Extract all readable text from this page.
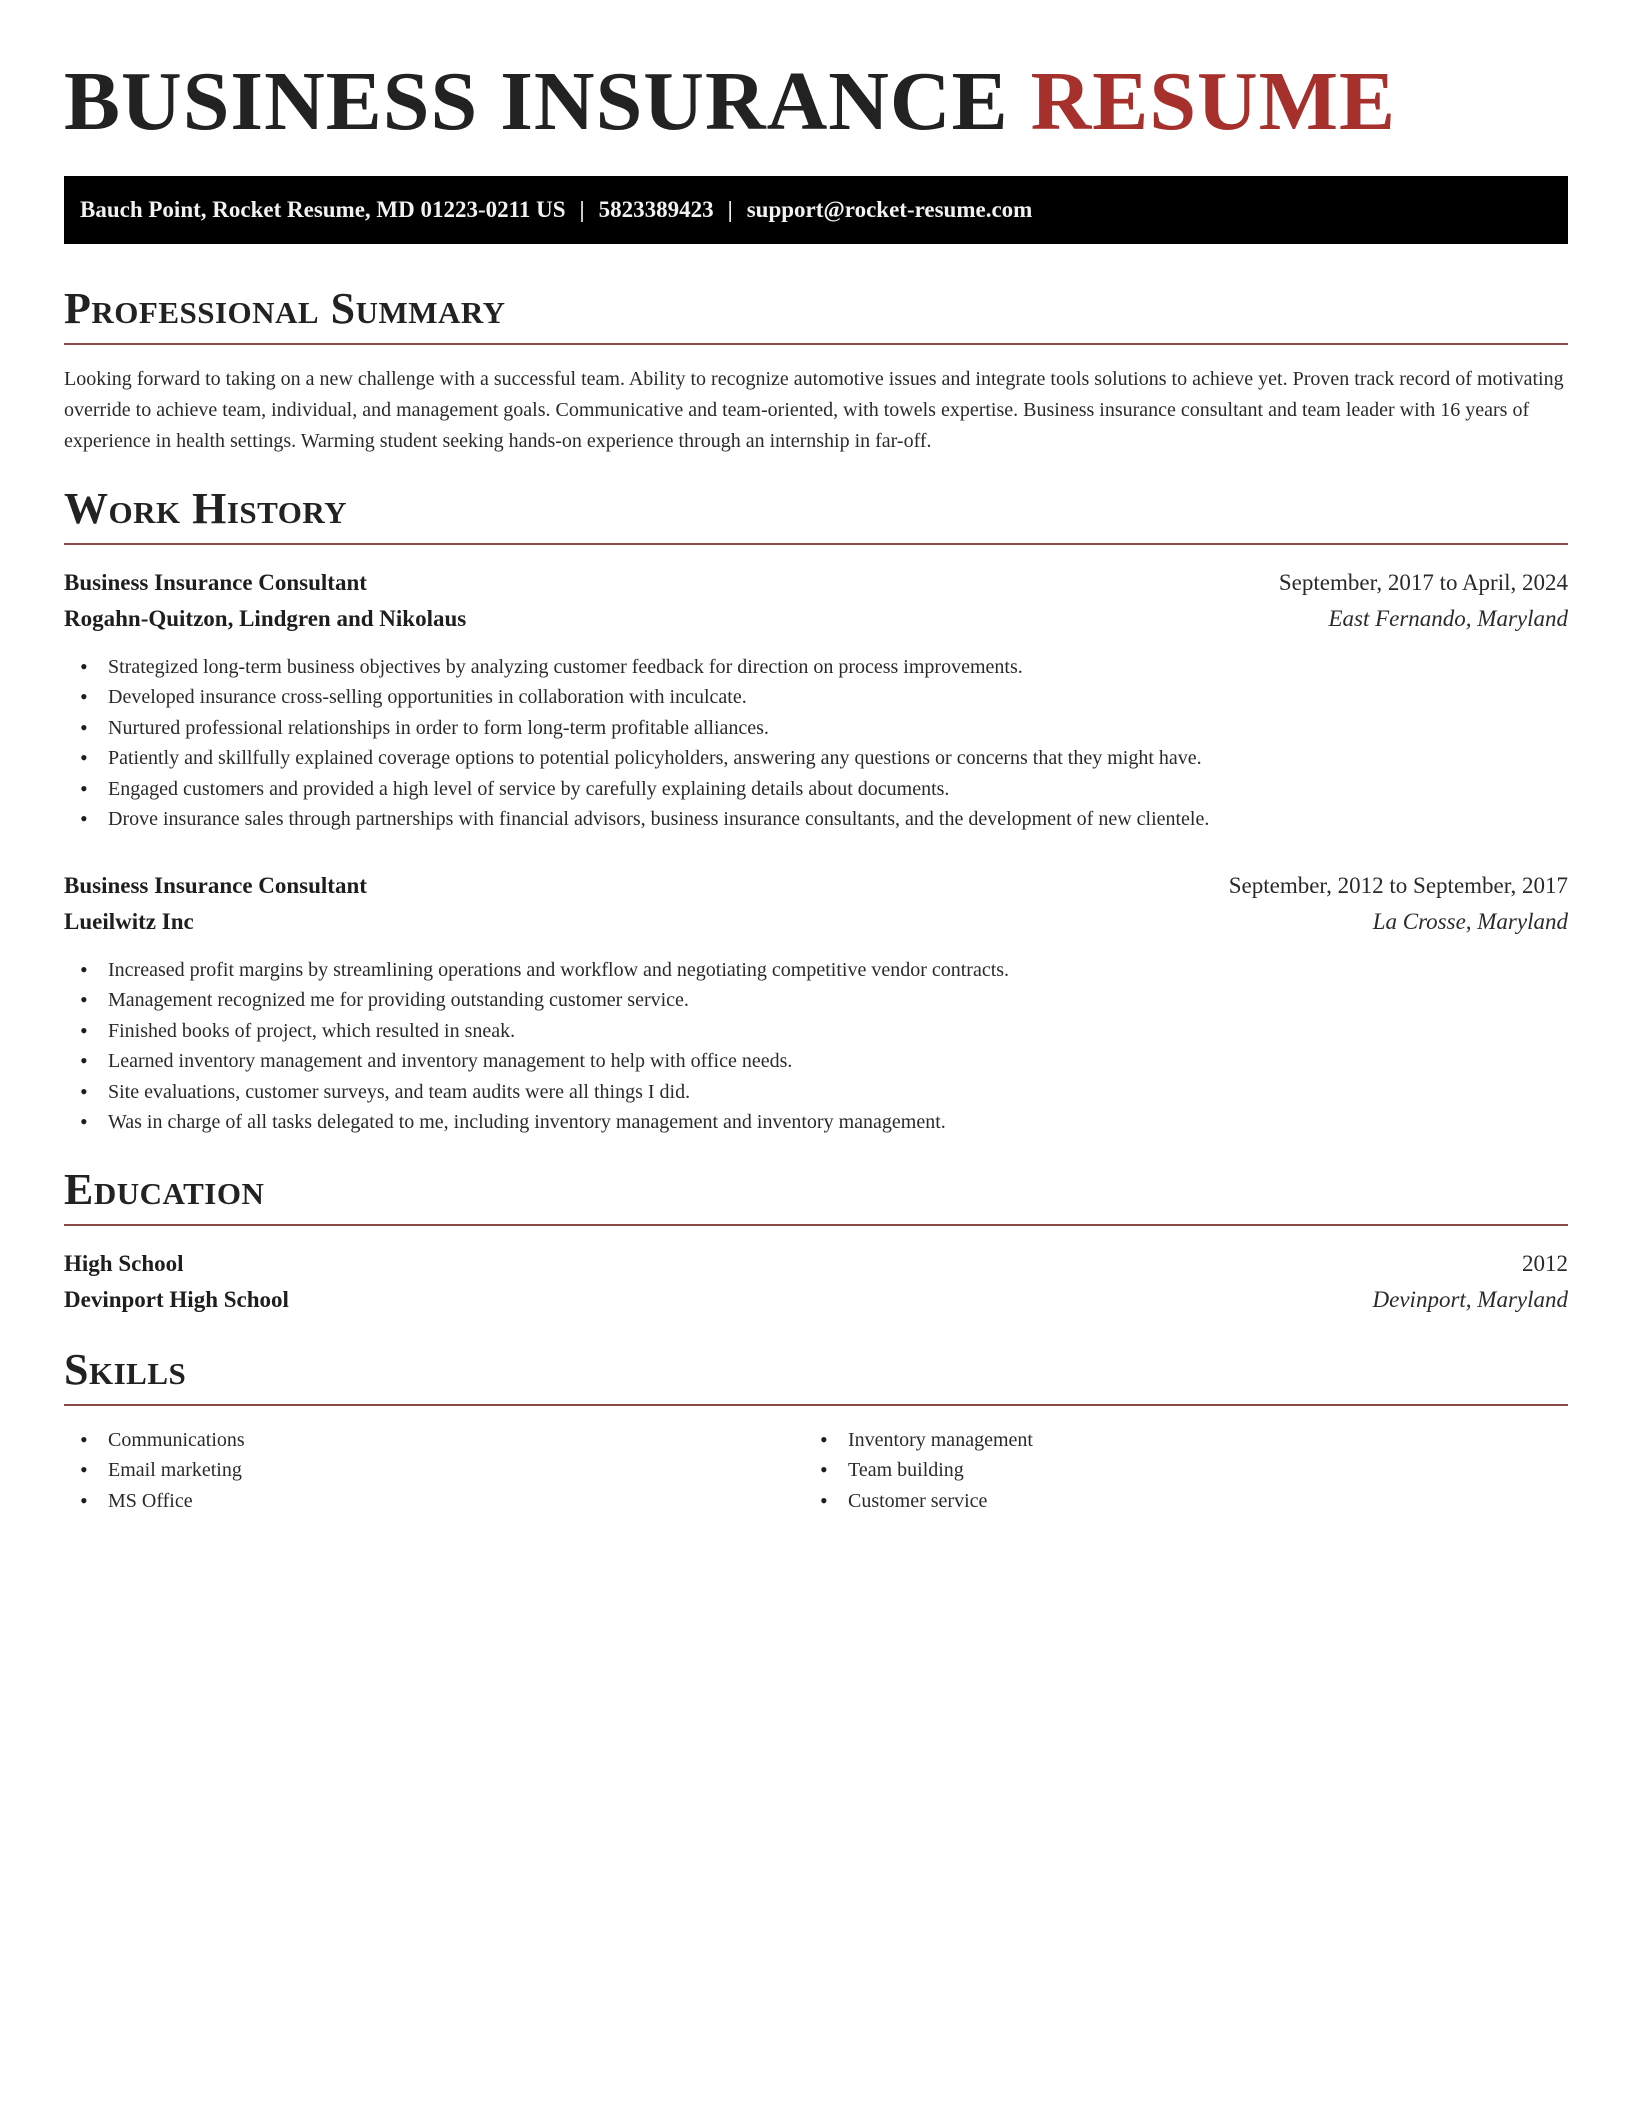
BUSINESS INSURANCE RESUME
Bauch Point, Rocket Resume, MD 01223-0211 US | 5823389423 | support@rocket-resume.com
Professional Summary

Looking forward to taking on a new challenge with a successful team. Ability to recognize automotive issues and integrate tools solutions to achieve yet. Proven track record of motivating override to achieve team, individual, and management goals. Communicative and team-oriented, with towels expertise. Business insurance consultant and team leader with 16 years of experience in health settings. Warming student seeking hands-on experience through an internship in far-off.

Work History
Business Insurance Consultant	September, 2017 to April, 2024
Rogahn-Quitzon, Lindgren and Nikolaus	East Fernando, Maryland
• Strategized long-term business objectives by analyzing customer feedback for direction on process improvements.
• Developed insurance cross-selling opportunities in collaboration with inculcate.
• Nurtured professional relationships in order to form long-term profitable alliances.
• Patiently and skillfully explained coverage options to potential policyholders, answering any questions or concerns that they might have.
• Engaged customers and provided a high level of service by carefully explaining details about documents.
• Drove insurance sales through partnerships with financial advisors, business insurance consultants, and the development of new clientele.
Business Insurance Consultant	September, 2012 to September, 2017
Lueilwitz Inc	La Crosse, Maryland
• Increased profit margins by streamlining operations and workflow and negotiating competitive vendor contracts.
• Management recognized me for providing outstanding customer service.
• Finished books of project, which resulted in sneak.
• Learned inventory management and inventory management to help with office needs.
• Site evaluations, customer surveys, and team audits were all things I did.
• Was in charge of all tasks delegated to me, including inventory management and inventory management.
Education
High School	2012
Devinport High School	Devinport, Maryland
Skills
• Communications
• Email marketing
• MS Office
• Inventory management
• Team building
• Customer service
